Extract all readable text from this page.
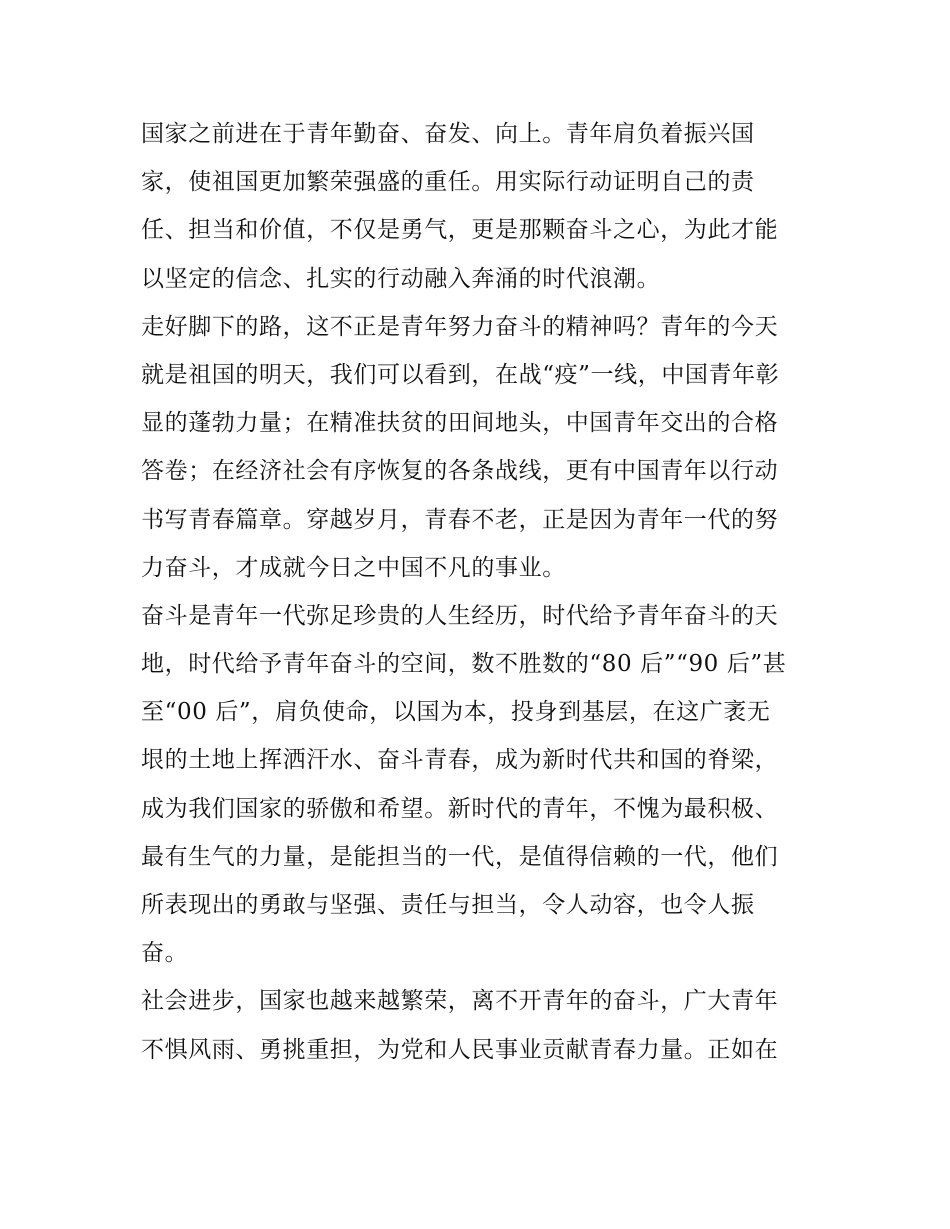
国家之前进在于青年勤奋、奋发、向上。青年肩负着振兴国
家，使祖国更加繁荣强盛的重任。用实际行动证明自己的责
任、担当和价值，不仅是勇气，更是那颗奋斗之心，为此才能
以坚定的信念、扎实的行动融入奔涌的时代浪潮。
走好脚下的路，这不正是青年努力奋斗的精神吗？青年的今天
就是祖国的明天，我们可以看到，在战“疫”一线，中国青年彰
显的蓬勃力量；在精准扶贫的田间地头，中国青年交出的合格
答卷；在经济社会有序恢复的各条战线，更有中国青年以行动
书写青春篇章。穿越岁月，青春不老，正是因为青年一代的努
力奋斗，才成就今日之中国不凡的事业。
奋斗是青年一代弥足珍贵的人生经历，时代给予青年奋斗的天
地，时代给予青年奋斗的空间，数不胜数的“80 后”“90 后”甚
至“00 后”，肩负使命，以国为本，投身到基层，在这广袤无
垠的土地上挥洒汗水、奋斗青春，成为新时代共和国的脊梁，
成为我们国家的骄傲和希望。新时代的青年，不愧为最积极、
最有生气的力量，是能担当的一代，是值得信赖的一代，他们
所表现出的勇敢与坚强、责任与担当，令人动容，也令人振
奋。
社会进步，国家也越来越繁荣，离不开青年的奋斗，广大青年
不惧风雨、勇挑重担，为党和人民事业贡献青春力量。正如在
